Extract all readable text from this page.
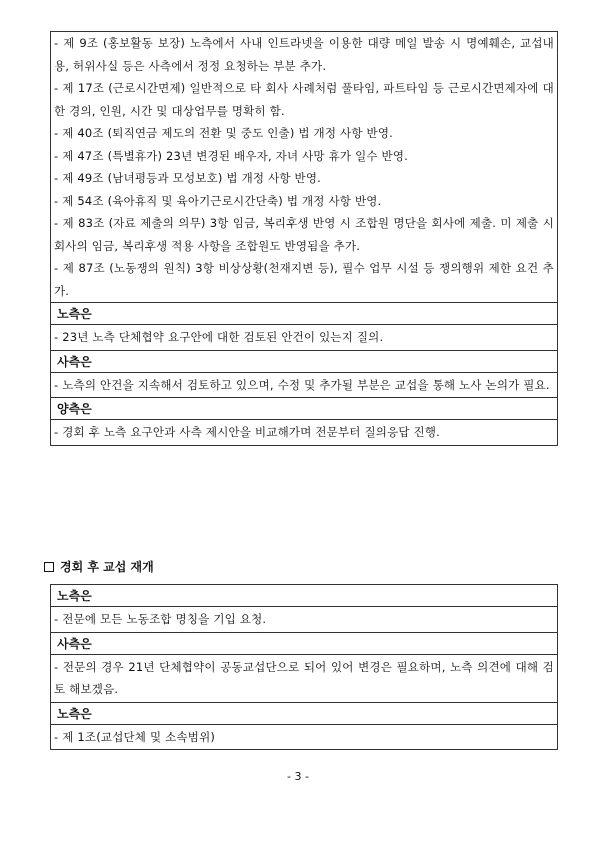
- 제 9조 (홍보활동 보장) 노측에서 사내 인트라넷을 이용한 대량 메일 발송 시 명예훼손, 교섭내용, 허위사실 등은 사측에서 정정 요청하는 부분 추가.
- 제 17조 (근로시간면제) 일반적으로 타 회사 사례처럼 풀타임, 파트타임 등 근로시간면제자에 대한 경의, 인원, 시간 및 대상업무를 명확히 함.
- 제 40조 (퇴직연금 제도의 전환 및 중도 인출) 법 개정 사항 반영.
- 제 47조 (특별휴가) 23년 변경된 배우자, 자녀 사망 휴가 일수 반영.
- 제 49조 (남녀평등과 모성보호) 법 개정 사항 반영.
- 제 54조 (육아휴직 및 육아기근로시간단축) 법 개정 사항 반영.
- 제 83조 (자료 제출의 의무) 3항 임금, 복리후생 반영 시 조합원 명단을 회사에 제출. 미 제출 시 회사의 임금, 복리후생 적용 사항을 조합원도 반영됨을 추가.
- 제 87조 (노동쟁의 원칙) 3항 비상상황(천재지변 등), 필수 업무 시설 등 쟁의행위 제한 요건 추가.
노측은
- 23년 노측 단체협약 요구안에 대한 검토된 안건이 있는지 질의.
사측은
- 노측의 안건을 지속해서 검토하고 있으며, 수정 및 추가될 부분은 교섭을 통해 노사 논의가 필요.
양측은
- 경회 후 노측 요구안과 사측 제시안을 비교해가며 전문부터 질의응답 진행.
경회 후 교섭 재개
노측은
- 전문에 모든 노동조합 명칭을 기입 요청.
사측은
- 전문의 경우 21년 단체협약이 공동교섭단으로 되어 있어 변경은 필요하며, 노측 의견에 대해 검토 해보겠음.
노측은
- 제 1조(교섭단체 및 소속범위)
- 3 -
